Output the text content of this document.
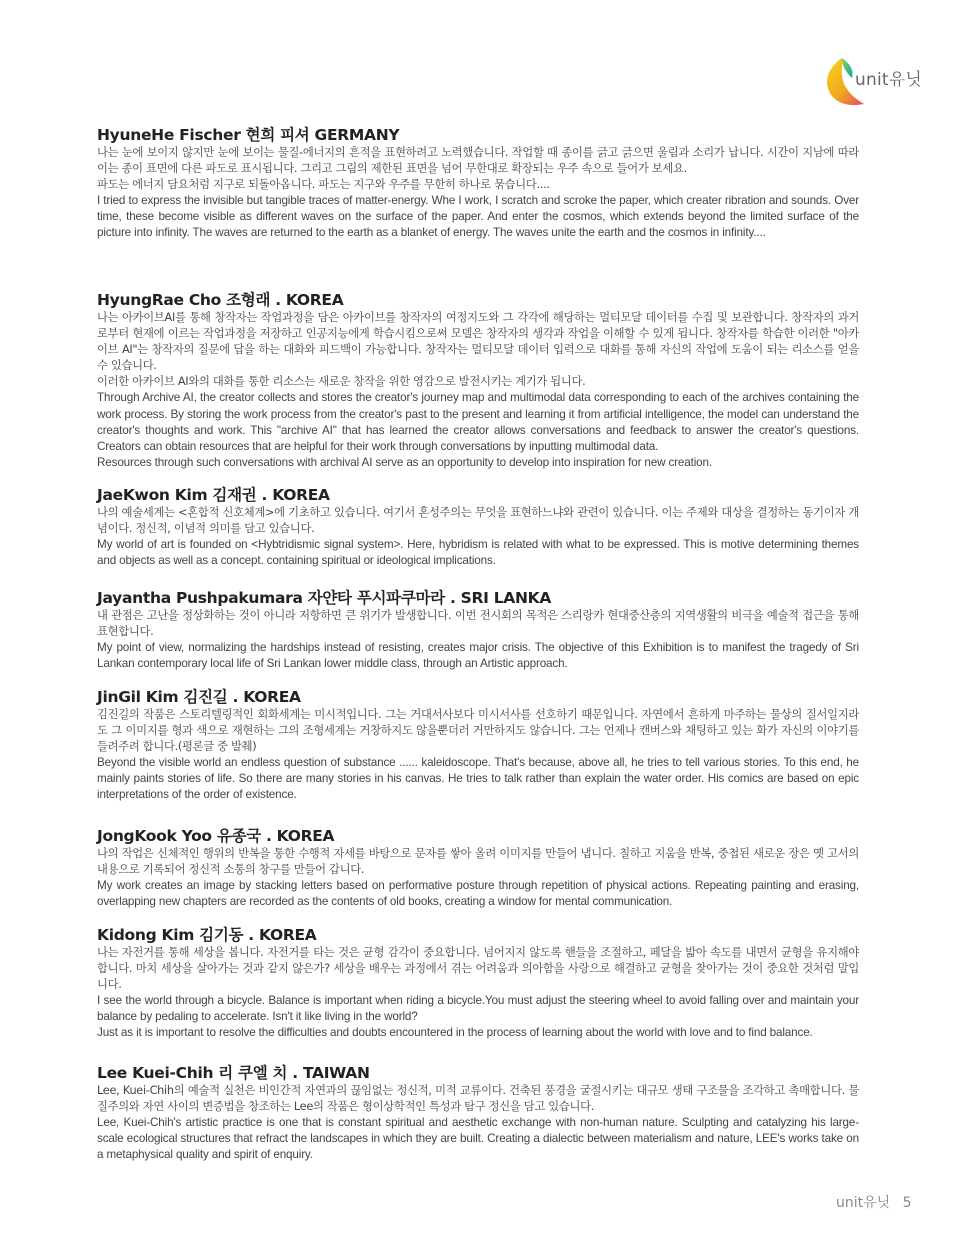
unit유닛
HyuneHe Fischer 현희 피셔 GERMANY

나는 눈에 보이지 않지만 눈에 보이는 물질-에너지의 흔적을 표현하려고 노력했습니다. 작업할 때 종이를 긁고 긁으면 울림과 소리가 납니다. 시간이 지남에 따라 이는 종이 표면에 다른 파도로 표시됩니다. 그리고 그림의 제한된 표면을 넘어 무한대로 확장되는 우주 속으로 들어가 보세요.

파도는 에너지 담요처럼 지구로 되돌아옵니다. 파도는 지구와 우주를 무한히 하나로 묶습니다....

I tried to express the invisible but tangible traces of matter-energy. Whe I work, I scratch and scroke the paper, which creater ribration and sounds. Over time, these become visible as different waves on the surface of the paper. And enter the cosmos, which extends beyond the limited surface of the picture into infinity. The waves are returned to the earth as a blanket of energy. The waves unite the earth and the cosmos in infinity....

HyungRae Cho 조형래 . KOREA

나는 아카이브AI를 통해 창작자는 작업과정을 담은 아카이브를 창작자의 여정지도와 그 각각에 해당하는 멀티모달 데이터를 수집 및 보관합니다. 창작자의 과거로부터 현재에 이르는 작업과정을 저장하고 인공지능에게 학습시킴으로써 모델은 창작자의 생각과 작업을 이해할 수 있게 됩니다. 창작자를 학습한 이러한 "아카이브 AI"는 창작자의 질문에 답을 하는 대화와 피드백이 가능합니다. 창작자는 멀티모달 데이터 입력으로 대화를 통해 자신의 작업에 도움이 되는 리소스를 얻을 수 있습니다.

이러한 아카이브 AI와의 대화를 통한 리소스는 새로운 창작을 위한 영감으로 발전시키는 계기가 됩니다.

Through Archive AI, the creator collects and stores the creator's journey map and multimodal data corresponding to each of the archives containing the work process. By storing the work process from the creator's past to the present and learning it from artificial intelligence, the model can understand the creator's thoughts and work. This "archive AI" that has learned the creator allows conversations and feedback to answer the creator's questions. Creators can obtain resources that are helpful for their work through conversations by inputting multimodal data.

Resources through such conversations with archival AI serve as an opportunity to develop into inspiration for new creation.

JaeKwon Kim 김재권 . KOREA

나의 예술세계는 <혼합적 신호체계>에 기초하고 있습니다. 여기서 혼성주의는 무엇을 표현하느냐와 관련이 있습니다. 이는 주제와 대상을 결정하는 동기이자 개념이다. 정신적, 이념적 의미를 담고 있습니다.

My world of art is founded on <Hybtridismic signal system>. Here, hybridism is related with what to be expressed. This is motive determining themes and objects as well as a concept. containing spiritual or ideological implications.

Jayantha Pushpakumara 자얀타 푸시파쿠마라 . SRI LANKA

내 관점은 고난을 정상화하는 것이 아니라 저항하면 큰 위기가 발생합니다. 이번 전시회의 목적은 스리랑카 현대중산층의 지역생활의 비극을 예술적 접근을 통해 표현합니다.

My point of view, normalizing the hardships instead of resisting, creates major crisis. The objective of this Exhibition is to manifest the tragedy of Sri Lankan contemporary local life of Sri Lankan lower middle class, through an Artistic approach.

JinGil Kim 김진길 . KOREA

김진길의 작품은 스토리텔링적인 회화세계는 미시적입니다. 그는 거대서사보다 미시서사를 선호하기 때문입니다. 자연에서 흔하게 마주하는 물상의 질서일지라도 그 이미지를 형과 색으로 재현하는 그의 조형세계는 거창하지도 않을뿐더러 거만하지도 않습니다. 그는 언제나 캔버스와 채팅하고 있는 화가 자신의 이야기를 들려주려 합니다.(평론글 중 발췌)

Beyond the visible world an endless question of substance ...... kaleidoscope. That's because, above all, he tries to tell various stories. To this end, he mainly paints stories of life. So there are many stories in his canvas. He tries to talk rather than explain the water order. His comics are based on epic interpretations of the order of existence.

JongKook Yoo 유종국 . KOREA

나의 작업은 신체적인 행위의 반복을 통한 수행적 자세를 바탕으로 문자를 쌓아 올려 이미지를 만들어 냅니다. 칠하고 지움을 반복, 중첩된 새로운 장은 옛 고서의 내용으로 기록되어 정신적 소통의 창구를 만들어 갑니다.

My work creates an image by stacking letters based on performative posture through repetition of physical actions. Repeating painting and erasing, overlapping new chapters are recorded as the contents of old books, creating a window for mental communication.

Kidong Kim 김기동 . KOREA

나는 자전거를 통해 세상을 봅니다. 자전거를 타는 것은 균형 감각이 중요합니다. 넘어지지 않도록 핸들을 조절하고, 페달을 밟아 속도를 내면서 균형을 유지해야 합니다. 마치 세상을 살아가는 것과 같지 않은가? 세상을 배우는 과정에서 겪는 어려움과 의아함을 사랑으로 해결하고 균형을 찾아가는 것이 중요한 것처럼 말입니다.

I see the world through a bicycle. Balance is important when riding a bicycle.You must adjust the steering wheel to avoid falling over and maintain your balance by pedaling to accelerate. Isn't it like living in the world?

Just as it is important to resolve the difficulties and doubts encountered in the process of learning about the world with love and to find balance.

Lee Kuei-Chih 리 쿠엘 치 . TAIWAN

Lee, Kuei-Chih의 예술적 실천은 비인간적 자연과의 끊임없는 정신적, 미적 교류이다. 건축된 풍경을 굴절시키는 대규모 생태 구조물을 조각하고 촉매합니다. 물질주의와 자연 사이의 변증법을 창조하는 Lee의 작품은 형이상학적인 특성과 탐구 정신을 담고 있습니다.

Lee, Kuei-Chih's artistic practice is one that is constant spiritual and aesthetic exchange with non-human nature. Sculpting and catalyzing his large-scale ecological structures that refract the landscapes in which they are built. Creating a dialectic between materialism and nature, LEE's works take on a metaphysical quality and spirit of enquiry.

unit유닛 5
